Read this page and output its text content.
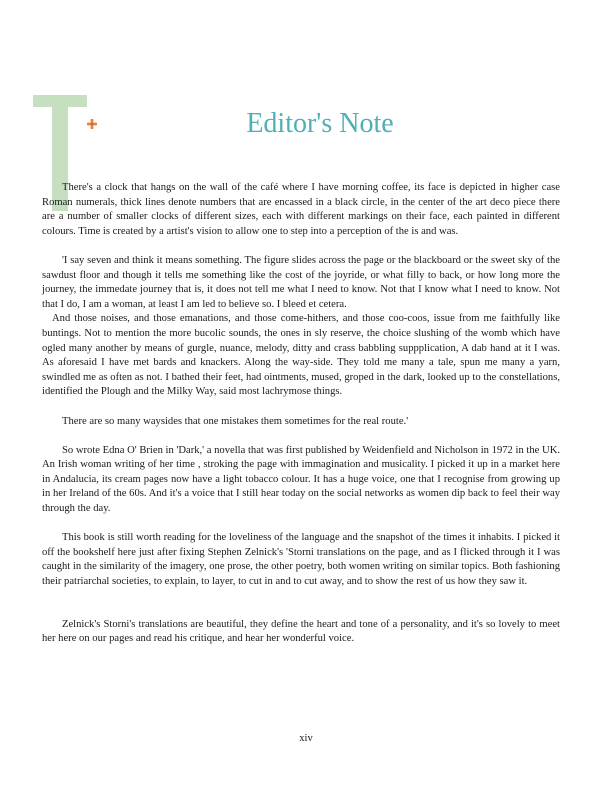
Editor's Note

There's a clock that hangs on the wall of the café where I have morning coffee, its face is depicted in higher case Roman numerals, thick lines denote numbers that are encassed in a black circle, in the center of the art deco piece there are a number of smaller clocks of different sizes, each with different markings on their face, each painted in different colours. Time is created by a artist's vision to allow one to step into a perception of the is and was.

'I say seven and think it means something. The figure slides across the page or the blackboard or the sweet sky of the sawdust floor and though it tells me something like the cost of the joyride, or what filly to back, or how long more the journey, the immedate journey that is, it does not tell me what I need to know. Not that I know what I need to know. Not that I do, I am a woman, at least I am led to believe so. I bleed et cetera.

And those noises, and those emanations, and those come-hithers, and those coo-coos, issue from me faithfully like buntings. Not to mention the more bucolic sounds, the ones in sly reserve, the choice slushing of the womb which have ogled many another by means of gurgle, nuance, melody, ditty and crass babbling suppplication, A dab hand at it I was. As aforesaid I have met bards and knackers. Along the way-side. They told me many a tale, spun me many a yarn, swindled me as often as not. I bathed their feet, had ointments, mused, groped in the dark, looked up to the constellations, identified the Plough and the Milky Way, said most lachrymose things.

There are so many waysides that one mistakes them sometimes for the real route.'

So wrote Edna O' Brien in 'Dark,' a novella that was first published by Weidenfield and Nicholson in 1972 in the UK. An Irish woman writing of her time , stroking the page with immagination and musicality. I picked it up in a market here in Andalucia, its cream pages now have a light tobacco colour. It has a huge voice, one that I recognise from growing up in her Ireland of the 60s. And it's a voice that I still hear today on the social networks as women dip back to feel their way through the day.

This book is still worth reading for the loveliness of the language and the snapshot of the times it inhabits. I picked it off the bookshelf here just after fixing Stephen Zelnick's 'Storni translations on the page, and as I flicked through it I was caught in the similarity of the imagery, one prose, the other poetry, both women writing on similar topics. Both fashioning their patriarchal societies, to explain, to layer, to cut in and to cut away, and to show the rest of us how they saw it.

Zelnick's Storni's translations are beautiful, they define the heart and tone of a personality, and it's so lovely to meet her here on our pages and read his critique, and hear her wonderful voice.

xiv
